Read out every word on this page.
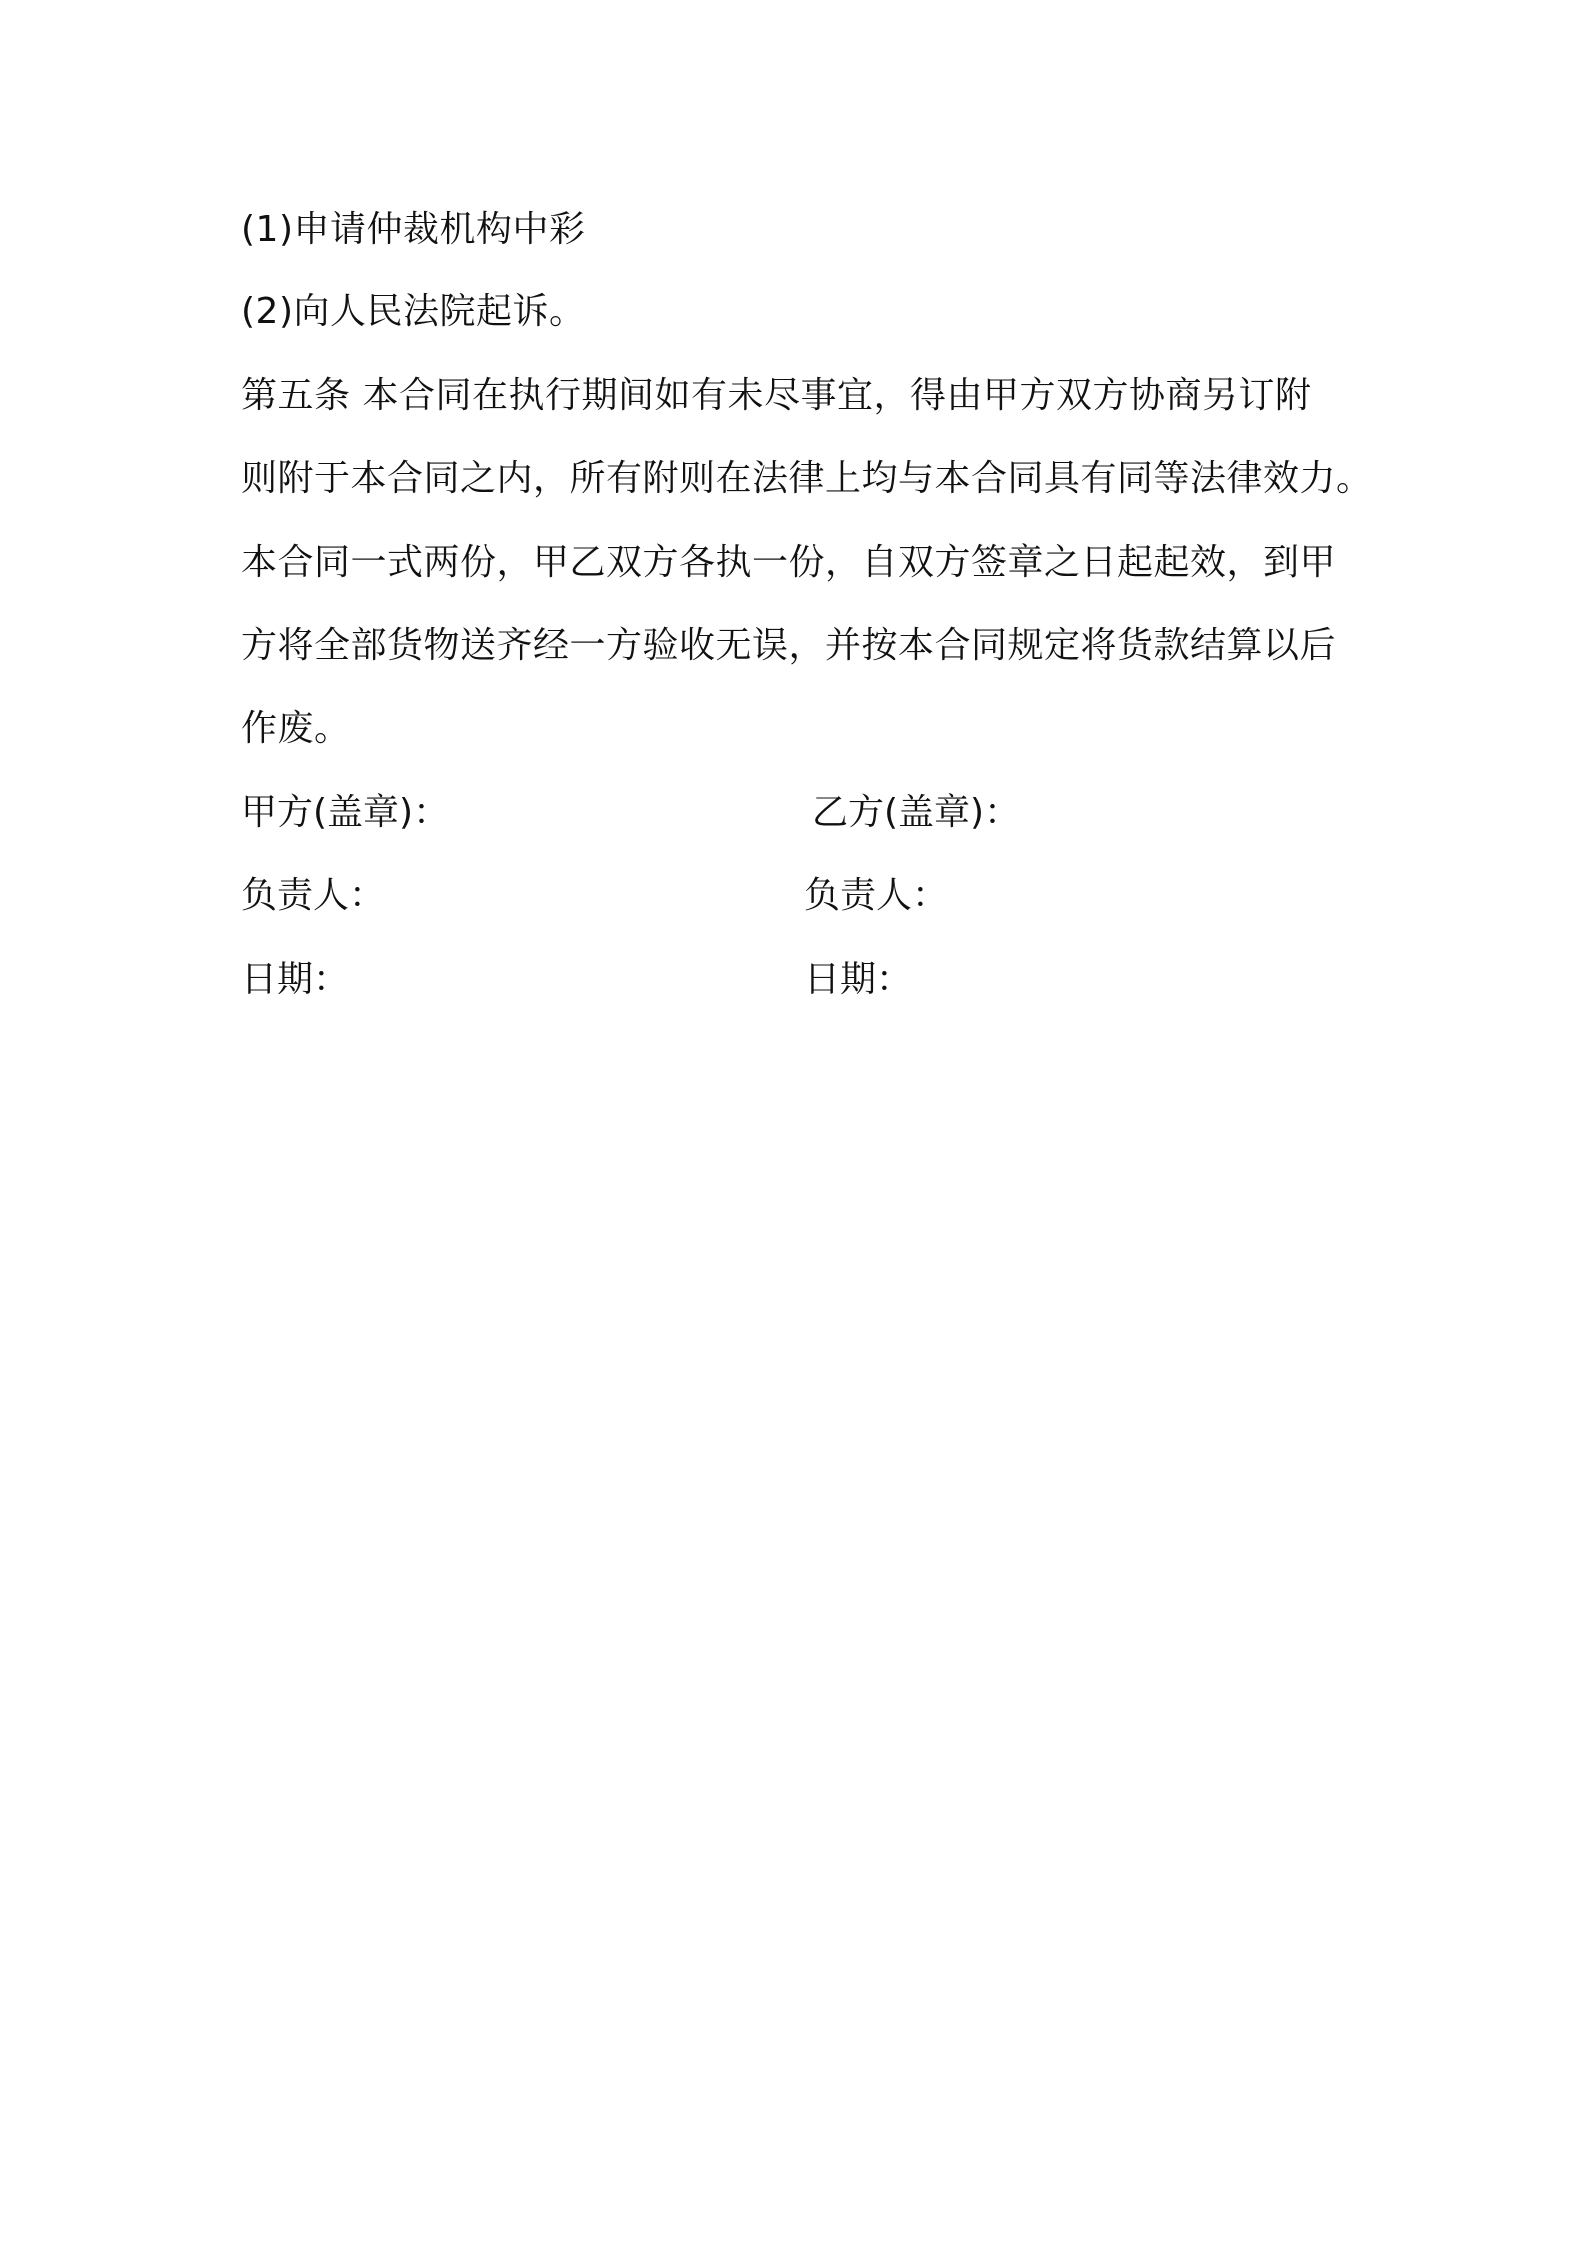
(1)申请仲裁机构中彩
(2)向人民法院起诉。
第五条 本合同在执行期间如有未尽事宜，得由甲方双方协商另订附
则附于本合同之内，所有附则在法律上均与本合同具有同等法律效力。
本合同一式两份，甲乙双方各执一份，自双方签章之日起起效，到甲
方将全部货物送齐经一方验收无误，并按本合同规定将货款结算以后
作废。
甲方(盖章)：	乙方(盖章)：
负责人：	负责人：
日期：	日期：
